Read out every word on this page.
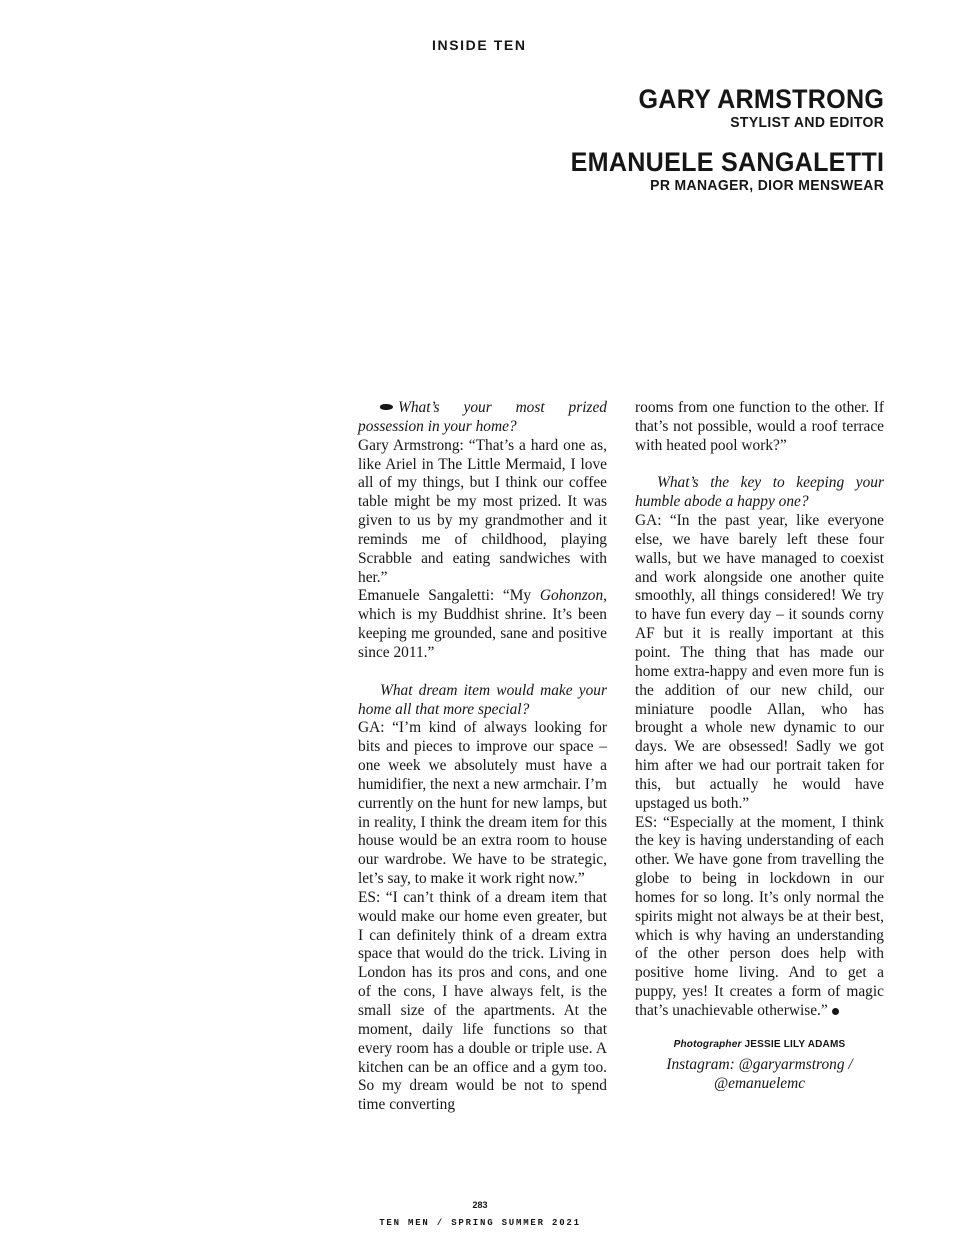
INSIDE TEN
GARY ARMSTRONG
STYLIST AND EDITOR
EMANUELE SANGALETTI
PR MANAGER, DIOR MENSWEAR

What’s your most prized possession in your home?

Gary Armstrong: “That’s a hard one as, like Ariel in The Little Mermaid, I love all of my things, but I think our coffee table might be my most prized. It was given to us by my grandmother and it reminds me of childhood, playing Scrabble and eating sandwiches with her.”

Emanuele Sangaletti: “My Gohonzon, which is my Buddhist shrine. It’s been keeping me grounded, sane and positive since 2011.”

What dream item would make your home all that more special?

GA: “I’m kind of always looking for bits and pieces to improve our space – one week we absolutely must have a humidifier, the next a new armchair. I’m currently on the hunt for new lamps, but in reality, I think the dream item for this house would be an extra room to house our wardrobe. We have to be strategic, let’s say, to make it work right now.”

ES: “I can’t think of a dream item that would make our home even greater, but I can definitely think of a dream extra space that would do the trick. Living in London has its pros and cons, and one of the cons, I have always felt, is the small size of the apartments. At the moment, daily life functions so that every room has a double or triple use. A kitchen can be an office and a gym too. So my dream would be not to spend time converting

rooms from one function to the other. If that’s not possible, would a roof terrace with heated pool work?”

What’s the key to keeping your humble abode a happy one?

GA: “In the past year, like everyone else, we have barely left these four walls, but we have managed to coexist and work alongside one another quite smoothly, all things considered! We try to have fun every day – it sounds corny AF but it is really important at this point. The thing that has made our home extra-happy and even more fun is the addition of our new child, our miniature poodle Allan, who has brought a whole new dynamic to our days. We are obsessed! Sadly we got him after we had our portrait taken for this, but actually he would have upstaged us both.”

ES: “Especially at the moment, I think the key is having understanding of each other. We have gone from travelling the globe to being in lockdown in our homes for so long. It’s only normal the spirits might not always be at their best, which is why having an understanding of the other person does help with positive home living. And to get a puppy, yes! It creates a form of magic that’s unachievable otherwise.”

Photographer JESSIE LILY ADAMS
Instagram: @garyarmstrong /
@emanuelemc
283
TEN MEN / SPRING SUMMER 2021
